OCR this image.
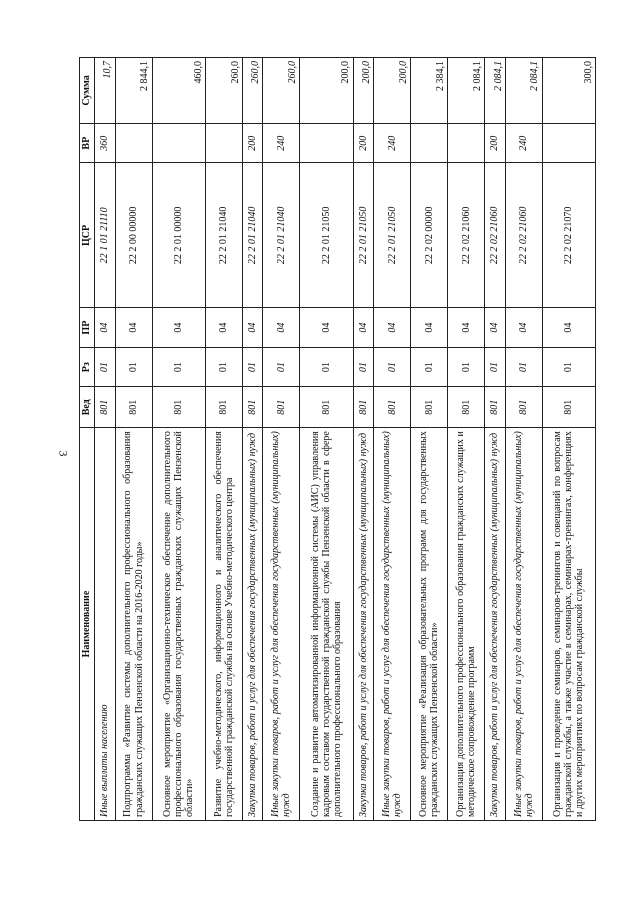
3
Наименование	Вед	Рз	ПР	ЦСР	ВР	Сумма
Иные выплаты населению	801	01	04	22 1 01 21110	360	10,7
Подпрограмма «Развитие системы дополнительного профессионального образования гражданских служащих Пензенской области на 2016-2020 годы»	801	01	04	22 2 00 00000		2 844,1
Основное мероприятие «Организационно-техническое обеспечение дополнительного профессионального образования государственных гражданских служащих Пензенской области»	801	01	04	22 2 01 00000		460,0
Развитие учебно-методического, информационного и аналитического обеспечения государственной гражданской службы на основе Учебно-методического центра	801	01	04	22 2 01 21040		260,0
Закупка товаров, работ и услуг для обеспечения государственных (муниципальных) нужд	801	01	04	22 2 01 21040	200	260,0
Иные закупки товаров, работ и услуг для обеспечения государственных (муниципальных) нужд	801	01	04	22 2 01 21040	240	260,0
Создание и развитие автоматизированной информационной системы (АИС) управления кадровым составом государственной гражданской службы Пензенской области в сфере дополнительного профессионального образования	801	01	04	22 2 01 21050		200,0
Закупка товаров, работ и услуг для обеспечения государственных (муниципальных) нужд	801	01	04	22 2 01 21050	200	200,0
Иные закупки товаров, работ и услуг для обеспечения государственных (муниципальных) нужд	801	01	04	22 2 01 21050	240	200,0
Основное мероприятие «Реализация образовательных программ для государственных гражданских служащих Пензенской области»	801	01	04	22 2 02 00000		2 384,1
Организация дополнительного профессионального образования гражданских служащих и методическое сопровождение программ	801	01	04	22 2 02 21060		2 084,1
Закупка товаров, работ и услуг для обеспечения государственных (муниципальных) нужд	801	01	04	22 2 02 21060	200	2 084,1
Иные закупки товаров, работ и услуг для обеспечения государственных (муниципальных) нужд	801	01	04	22 2 02 21060	240	2 084,1
Организация и проведение семинаров, семинаров-тренингов и совещаний по вопросам гражданской службы, а также участие в семинарах, семинарах-тренингах, конференциях и других мероприятиях по вопросам гражданской службы	801	01	04	22 2 02 21070		300,0
